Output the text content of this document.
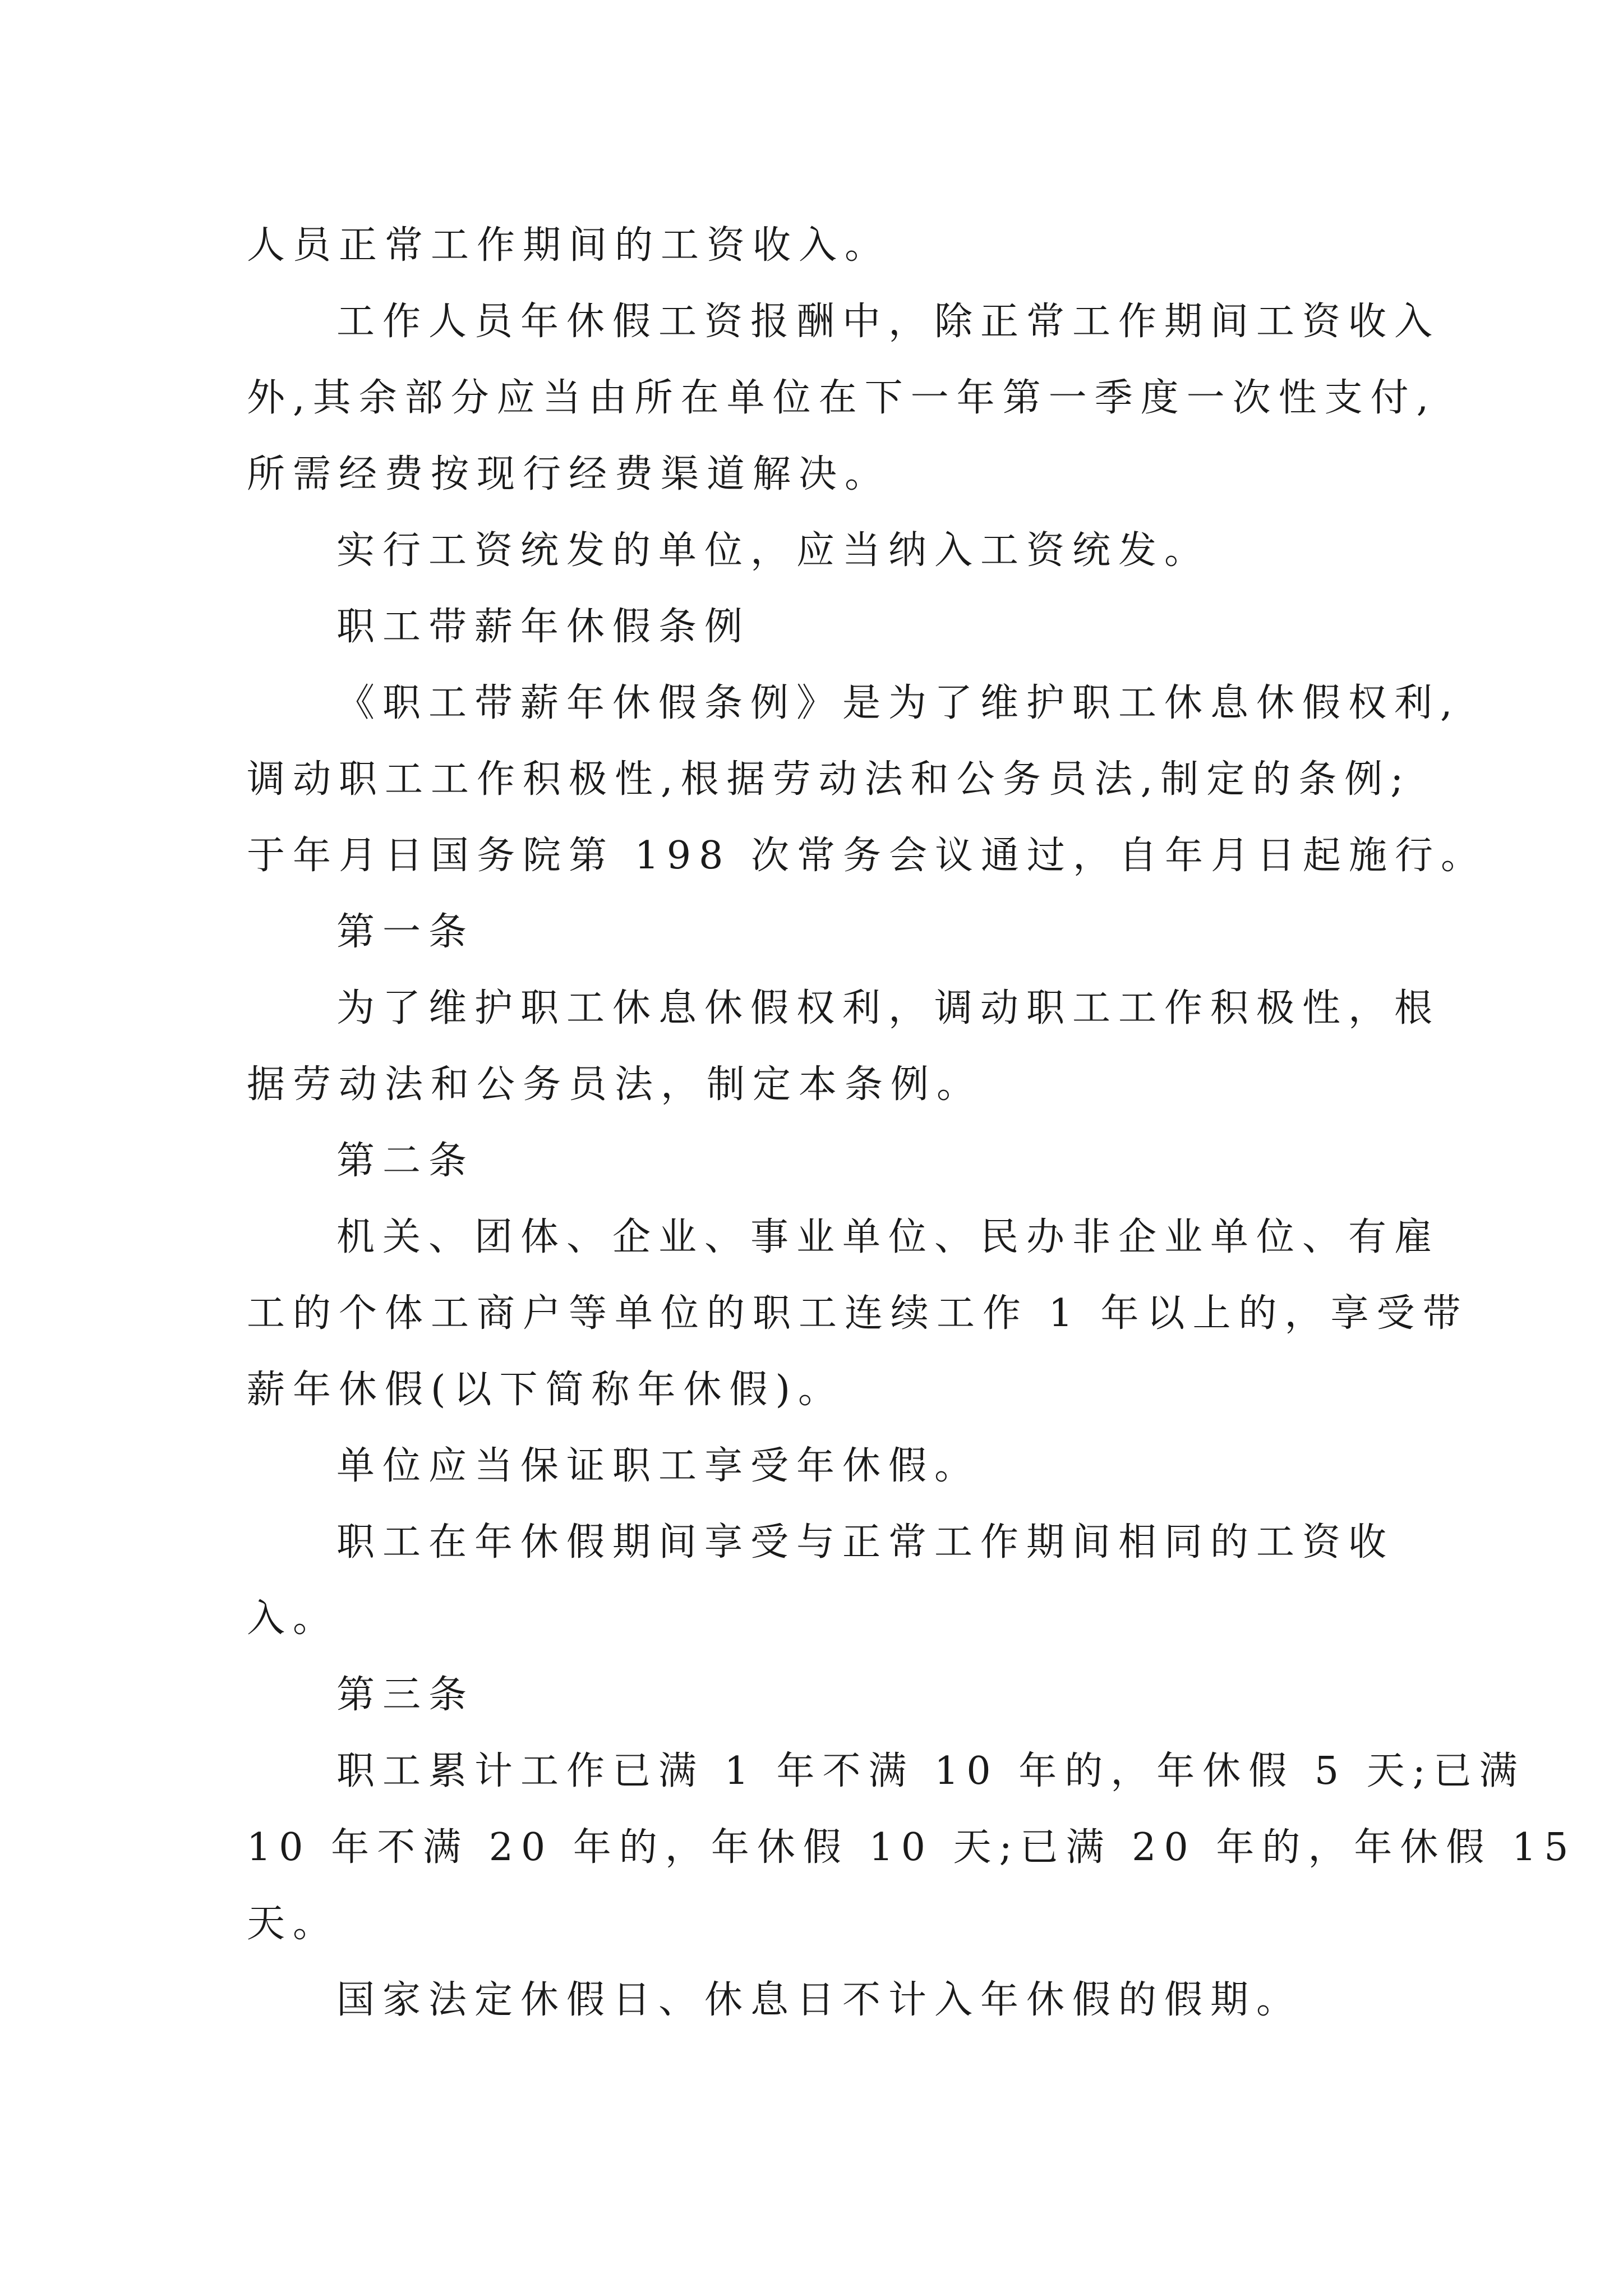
人员正常工作期间的工资收入。
工作人员年休假工资报酬中，除正常工作期间工资收入
外,其余部分应当由所在单位在下一年第一季度一次性支付,
所需经费按现行经费渠道解决。
实行工资统发的单位，应当纳入工资统发。
职工带薪年休假条例
《职工带薪年休假条例》是为了维护职工休息休假权利,
调动职工工作积极性,根据劳动法和公务员法,制定的条例;
于年月日国务院第 198 次常务会议通过，自年月日起施行。
第一条
为了维护职工休息休假权利，调动职工工作积极性，根
据劳动法和公务员法，制定本条例。
第二条
机关、团体、企业、事业单位、民办非企业单位、有雇
工的个体工商户等单位的职工连续工作 1 年以上的，享受带
薪年休假(以下简称年休假)。
单位应当保证职工享受年休假。
职工在年休假期间享受与正常工作期间相同的工资收
入。
第三条
职工累计工作已满 1 年不满 10 年的，年休假 5 天;已满
10 年不满 20 年的，年休假 10 天;已满 20 年的，年休假 15
天。
国家法定休假日、休息日不计入年休假的假期。
